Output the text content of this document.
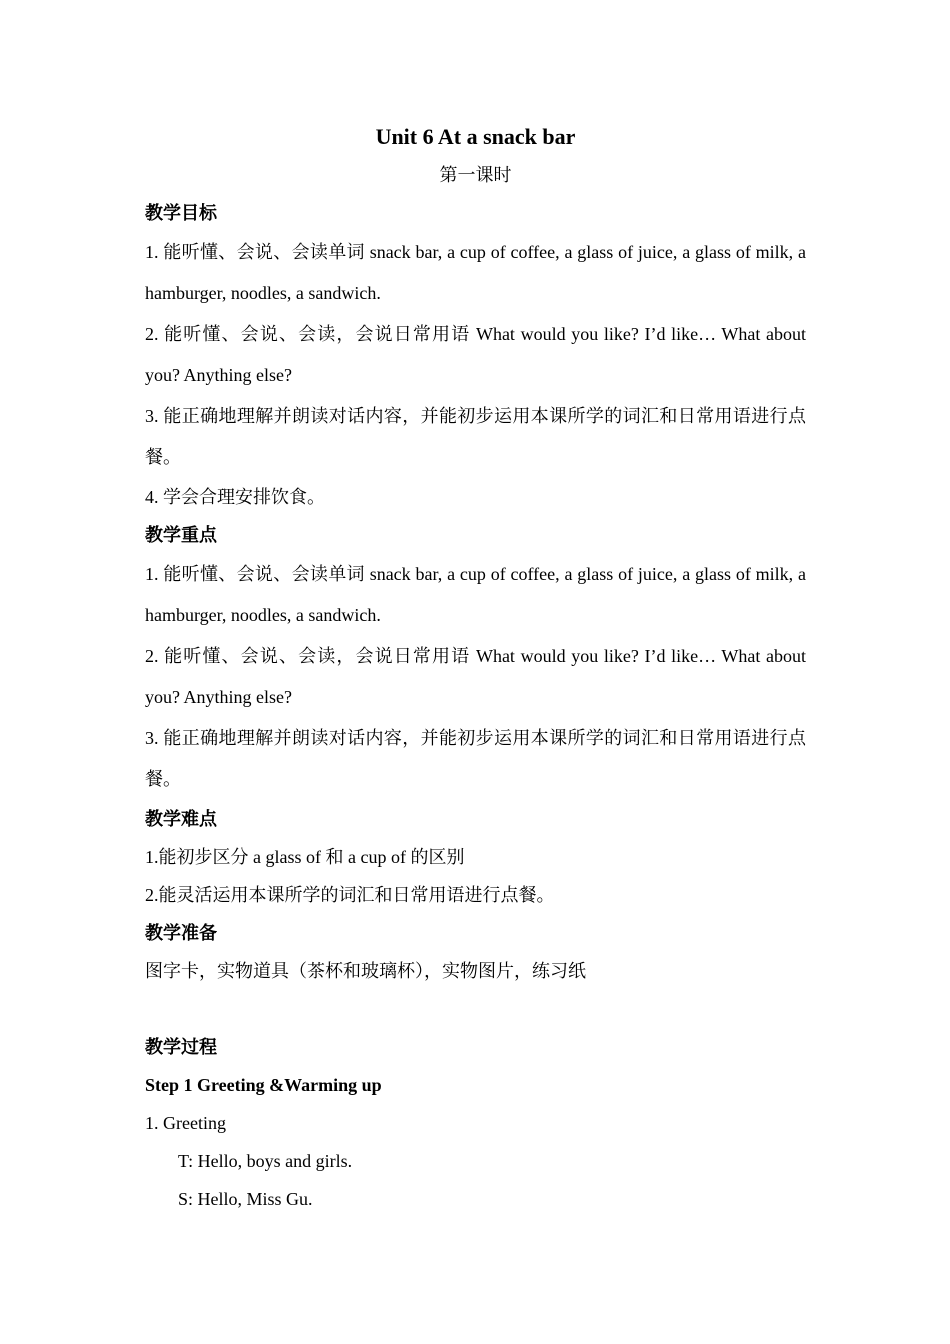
Unit 6 At a snack bar

第一课时

教学目标

1. 能听懂、会说、会读单词 snack bar, a cup of coffee, a glass of juice, a glass of milk, a hamburger, noodles, a sandwich.

2. 能听懂、会说、会读，会说日常用语 What would you like? I’d like… What about you? Anything else?

3. 能正确地理解并朗读对话内容，并能初步运用本课所学的词汇和日常用语进行点餐。

4. 学会合理安排饮食。

教学重点

1. 能听懂、会说、会读单词 snack bar, a cup of coffee, a glass of juice, a glass of milk, a hamburger, noodles, a sandwich.

2. 能听懂、会说、会读，会说日常用语 What would you like? I’d like… What about you? Anything else?

3. 能正确地理解并朗读对话内容，并能初步运用本课所学的词汇和日常用语进行点餐。

教学难点

1.能初步区分 a glass of 和 a cup of 的区别

2.能灵活运用本课所学的词汇和日常用语进行点餐。

教学准备

图字卡，实物道具（茶杯和玻璃杯），实物图片，练习纸

教学过程

Step 1 Greeting &Warming up

1. Greeting

T: Hello, boys and girls.

S: Hello, Miss Gu.
